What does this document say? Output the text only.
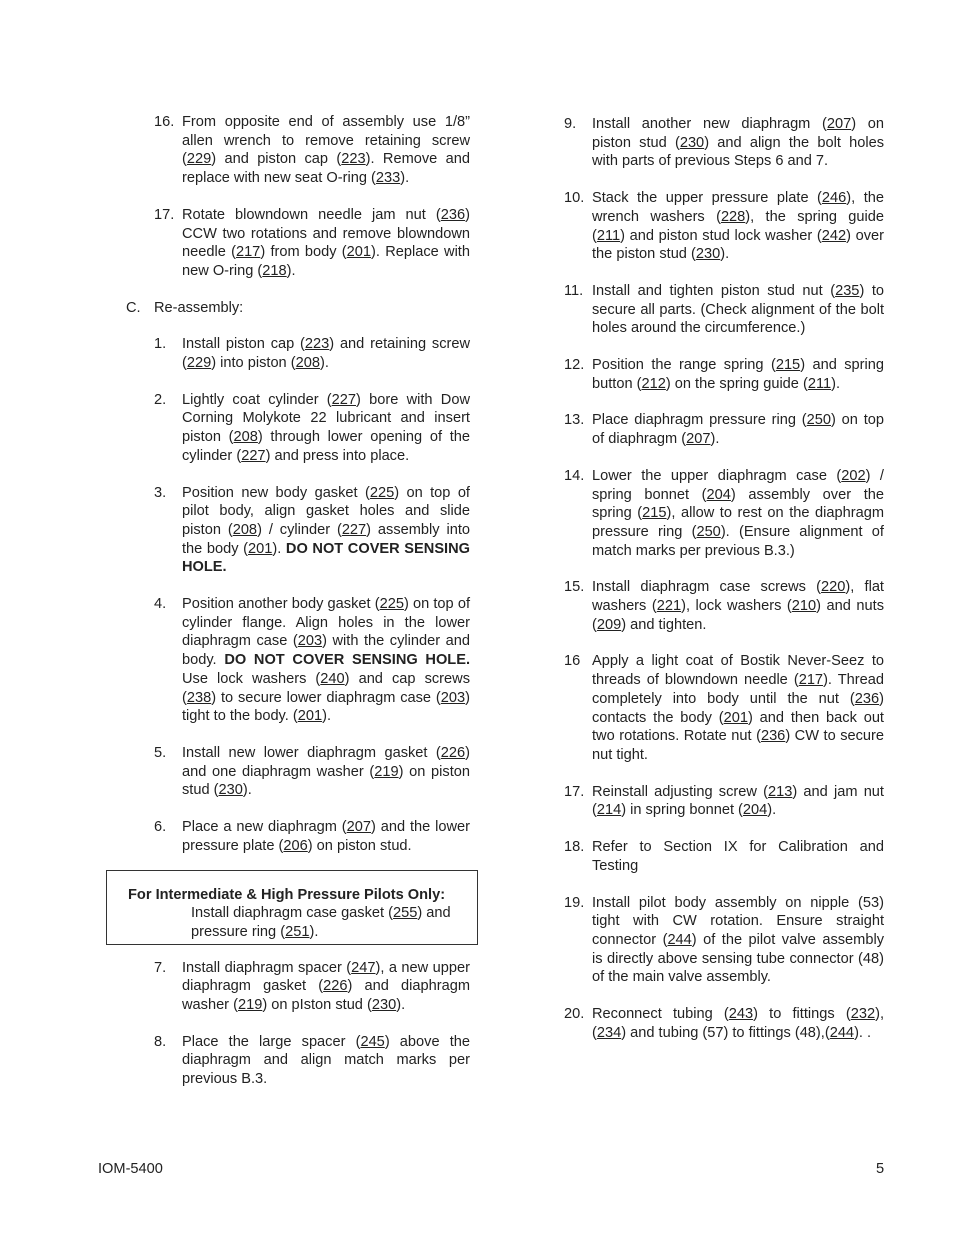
16. From opposite end of assembly use 1/8” allen wrench to remove retaining screw (229) and piston cap (223). Remove and replace with new seat O-ring (233).
17. Rotate blowndown needle jam nut (236) CCW two rotations and remove blowndown needle (217) from body (201). Replace with new O-ring (218).
C. Re-assembly:
1. Install piston cap (223) and retaining screw (229) into piston (208).
2. Lightly coat cylinder (227) bore with Dow Corning Molykote 22 lubricant and insert piston (208) through lower opening of the cylinder (227) and press into place.
3. Position new body gasket (225) on top of pilot body, align gasket holes and slide piston (208) / cylinder (227) assembly into the body (201). DO NOT COVER SENSING HOLE.
4. Position another body gasket (225) on top of cylinder flange. Align holes in the lower diaphragm case (203) with the cylinder and body. DO NOT COVER SENSING HOLE. Use lock washers (240) and cap screws (238) to secure lower diaphragm case (203) tight to the body. (201).
5. Install new lower diaphragm gasket (226) and one diaphragm washer (219) on piston stud (230).
6. Place a new diaphragm (207) and the lower pressure plate (206) on piston stud.
For Intermediate & High Pressure Pilots Only:
Install diaphragm case gasket (255) and pressure ring (251).
7. Install diaphragm spacer (247), a new upper diaphragm gasket (226) and diaphragm washer (219) on pIston stud (230).
8. Place the large spacer (245) above the diaphragm and align match marks per previous B.3.
9. Install another new diaphragm (207) on piston stud (230) and align the bolt holes with parts of previous Steps 6 and 7.
10. Stack the upper pressure plate (246), the wrench washers (228), the spring guide (211) and piston stud lock washer (242) over the piston stud (230).
11. Install and tighten piston stud nut (235) to secure all parts. (Check alignment of the bolt holes around the circumference.)
12. Position the range spring (215) and spring button (212) on the spring guide (211).
13. Place diaphragm pressure ring (250) on top of diaphragm (207).
14. Lower the upper diaphragm case (202) / spring bonnet (204) assembly over the spring (215), allow to rest on the diaphragm pressure ring (250). (Ensure alignment of match marks per previous B.3.)
15. Install diaphragm case screws (220), flat washers (221), lock washers (210) and nuts (209) and tighten.
16 Apply a light coat of Bostik Never-Seez to threads of blowndown needle (217). Thread completely into body until the nut (236) contacts the body (201) and then back out two rotations. Rotate nut (236) CW to secure nut tight.
17. Reinstall adjusting screw (213) and jam nut (214) in spring bonnet (204).
18. Refer to Section IX for Calibration and Testing
19. Install pilot body assembly on nipple (53) tight with CW rotation. Ensure straight connector (244) of the pilot valve assembly is directly above sensing tube connector (48) of the main valve assembly.
20. Reconnect tubing (243) to fittings (232), (234) and tubing (57) to fittings (48),(244). .
IOM-5400	5
